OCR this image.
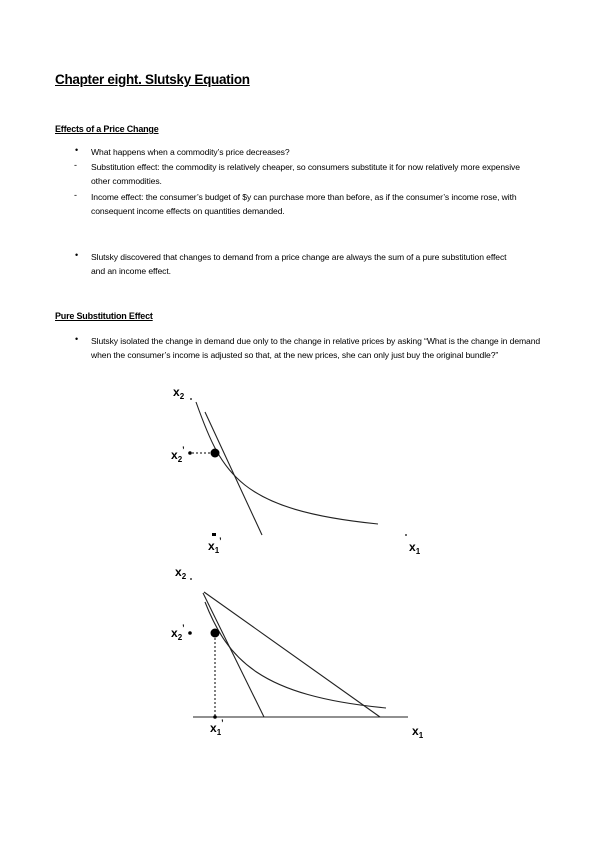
Chapter eight. Slutsky Equation
Effects of a Price Change
• What happens when a commodity’s price decreases?
- Substitution effect: the commodity is relatively cheaper, so consumers substitute it for now relatively more expensive other commodities.
- Income effect: the consumer’s budget of $y can purchase more than before, as if the consumer’s income rose, with consequent income effects on quantities demanded.
• Slutsky discovered that changes to demand from a price change are always the sum of a pure substitution effect and an income effect.
Pure Substitution Effect
• Slutsky isolated the change in demand due only to the change in relative prices by asking “What is the change in demand when the consumer’s income is adjusted so that, at the new prices, she can only just buy the original bundle?”
$x_2$
$x_2^’$
$x_1^’$	$x_1$
$x_2$
$x_2^’$
$x_1^’$
$x_1$
